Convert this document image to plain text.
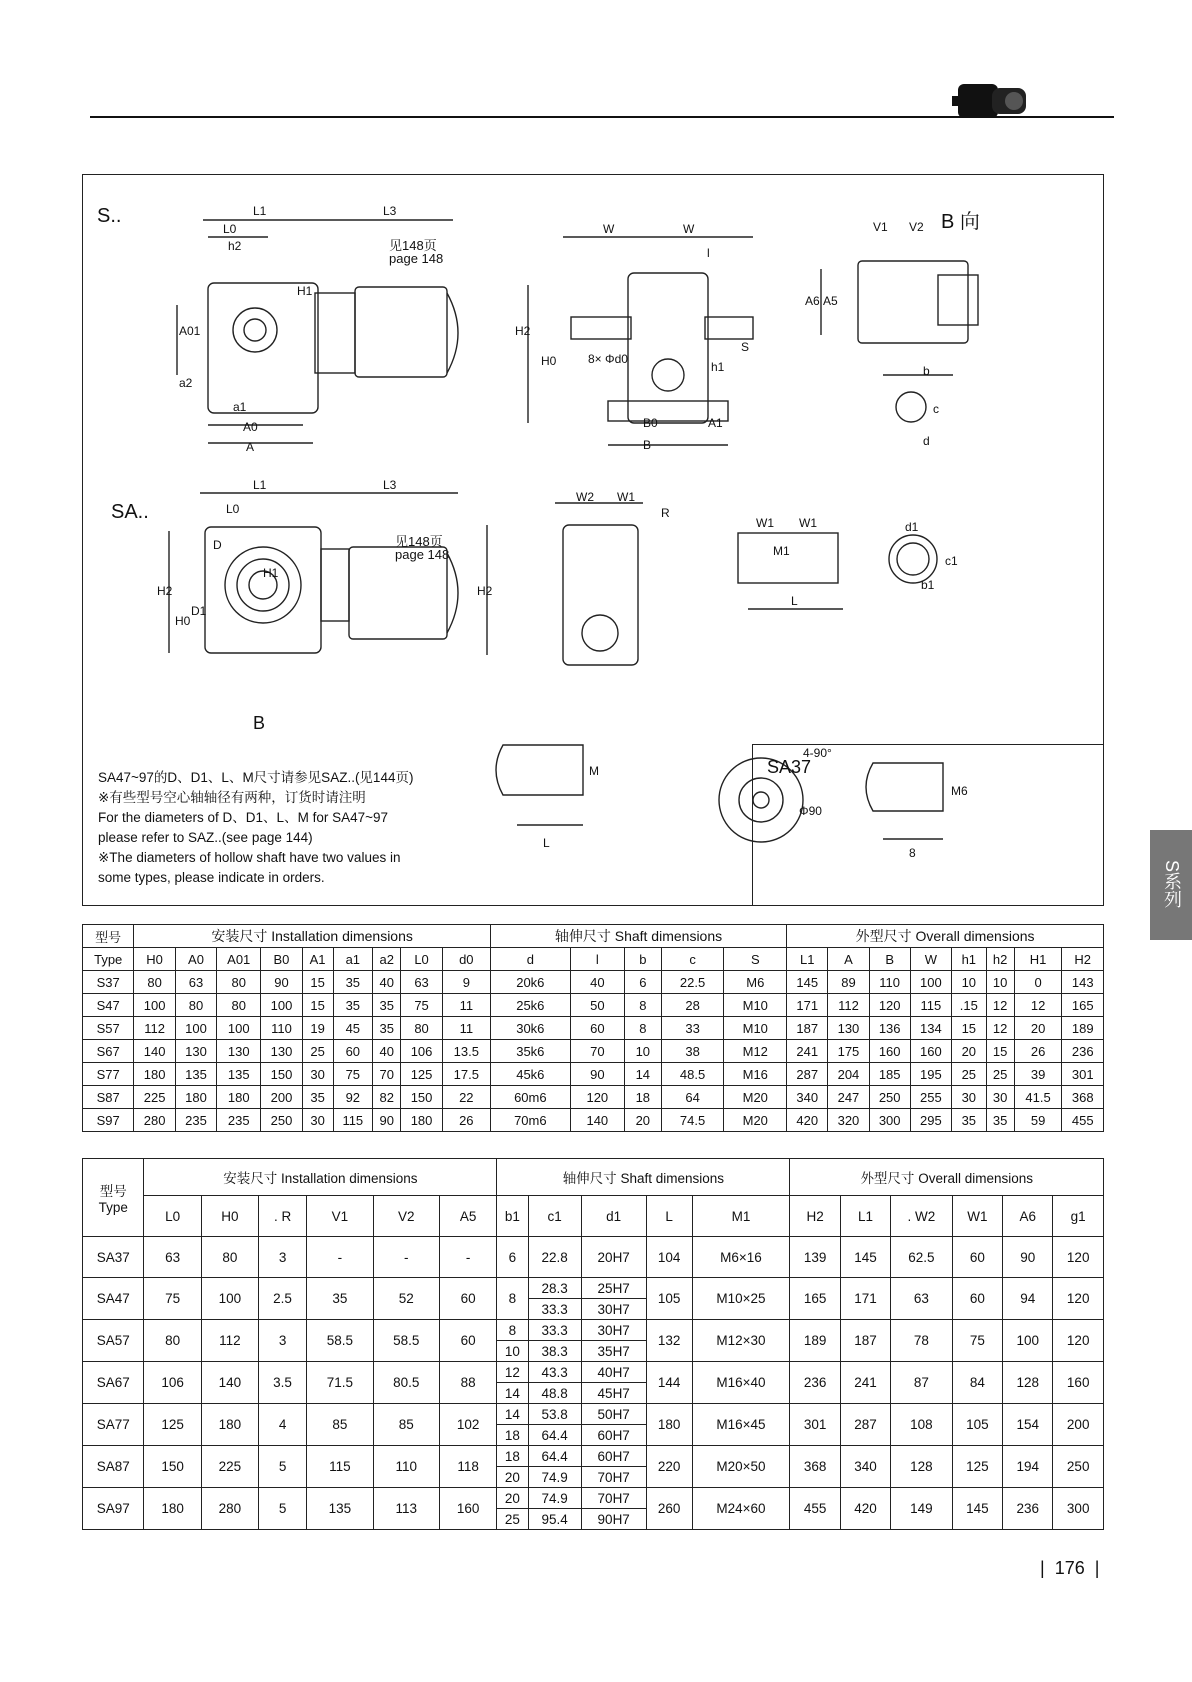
S..
SA..
B 向
B
见148页
page 148
见148页
page 148
L1
L0
h2
L3
H1
A01
a2
a1
A0
A
W	W
l
H2
H0	8× Φd0
h1
B0	A1
B
S
V1 V2
A6 A5
b
c
d
L1
L0
L3
D
H2
H0
D1
H1
H2
W2 W1
R
W1 W1
M1
L
d1
c1
b1
M
L
Φ90
M6
8
4-90°
SA37
SA47~97的D、D1、L、M尺寸请参见SAZ..(见144页)
※有些型号空心轴轴径有两种，订货时请注明
For the diameters of D、D1、L、M for SA47~97
please refer to SAZ..(see page 144)
※The diameters of hollow shaft have two values in
some types, please indicate in orders.	S系列
型号	安装尺寸 Installation dimensions									轴伸尺寸 Shaft dimensions					外型尺寸 Overall dimensions							
Type	H0	A0	A01	B0	A1	a1	a2	L0	d0	d	l	b	c	S	L1	A	B	W	h1	h2	H1	H2
S37	80	63	80	90	15	35	40	63	9	20k6	40	6	22.5	M6	145	89	110	100	10	10	0	143
S47	100	80	80	100	15	35	35	75	11	25k6	50	8	28	M10	171	112	120	115	.15	12	12	165
S57	112	100	100	110	19	45	35	80	11	30k6	60	8	33	M10	187	130	136	134	15	12	20	189
S67	140	130	130	130	25	60	40	106	13.5	35k6	70	10	38	M12	241	175	160	160	20	15	26	236
S77	180	135	135	150	30	75	70	125	17.5	45k6	90	14	48.5	M16	287	204	185	195	25	25	39	301
S87	225	180	180	200	35	92	82	150	22	60m6	120	18	64	M20	340	247	250	255	30	30	41.5	368
S97	280	235	235	250	30	115	90	180	26	70m6	140	20	74.5	M20	420	320	300	295	35	35	59	455
型号
Type	安装尺寸 Installation dimensions						轴伸尺寸 Shaft dimensions					外型尺寸 Overall dimensions					
	L0	H0	. R	V1	V2	A5	b1	c1	d1	L	M1	H2	L1	. W2	W1	A6	g1
SA37	63	80	3	-	-	-	6	22.8	20H7	104	M6×16	139	145	62.5	60	90	120
SA47	75	100	2.5	35	52	60	8	28.3	25H7	105	M10×25	165	171	63	60	94	120
								33.3	30H7								
SA57	80	112	3	58.5	58.5	60	8	33.3	30H7	132	M12×30	189	187	78	75	100	120
							10	38.3	35H7								
SA67	106	140	3.5	71.5	80.5	88	12	43.3	40H7	144	M16×40	236	241	87	84	128	160
							14	48.8	45H7								
SA77	125	180	4	85	85	102	14	53.8	50H7	180	M16×45	301	287	108	105	154	200
							18	64.4	60H7								
SA87	150	225	5	115	110	118	18	64.4	60H7	220	M20×50	368	340	128	125	194	250
							20	74.9	70H7								
SA97	180	280	5	135	113	160	20	74.9	70H7	260	M24×60	455	420	149	145	236	300
							25	95.4	90H7								
| 176 |
